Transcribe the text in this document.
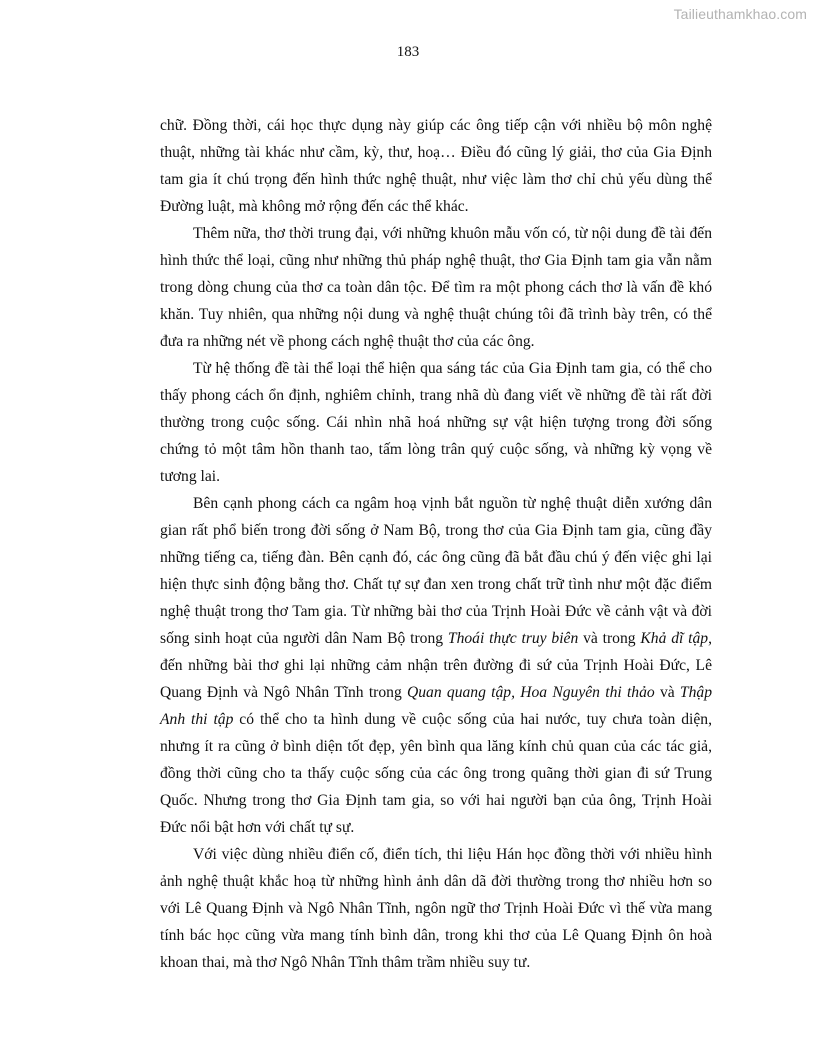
Tailieuthamkhao.com
183

chữ. Đồng thời, cái học thực dụng này giúp các ông tiếp cận với nhiều bộ môn nghệ thuật, những tài khác như cầm, kỳ, thư, hoạ… Điều đó cũng lý giải, thơ của Gia Định tam gia ít chú trọng đến hình thức nghệ thuật, như việc làm thơ chỉ chủ yếu dùng thể Đường luật, mà không mở rộng đến các thể khác.

Thêm nữa, thơ thời trung đại, với những khuôn mẫu vốn có, từ nội dung đề tài đến hình thức thể loại, cũng như những thủ pháp nghệ thuật, thơ Gia Định tam gia vẫn nằm trong dòng chung của thơ ca toàn dân tộc. Để tìm ra một phong cách thơ là vấn đề khó khăn. Tuy nhiên, qua những nội dung và nghệ thuật chúng tôi đã trình bày trên, có thể đưa ra những nét về phong cách nghệ thuật thơ của các ông.

Từ hệ thống đề tài thể loại thể hiện qua sáng tác của Gia Định tam gia, có thể cho thấy phong cách ổn định, nghiêm chỉnh, trang nhã dù đang viết về những đề tài rất đời thường trong cuộc sống. Cái nhìn nhã hoá những sự vật hiện tượng trong đời sống chứng tỏ một tâm hồn thanh tao, tấm lòng trân quý cuộc sống, và những kỳ vọng về tương lai.

Bên cạnh phong cách ca ngâm hoạ vịnh bắt nguồn từ nghệ thuật diễn xướng dân gian rất phổ biến trong đời sống ở Nam Bộ, trong thơ của Gia Định tam gia, cũng đầy những tiếng ca, tiếng đàn. Bên cạnh đó, các ông cũng đã bắt đầu chú ý đến việc ghi lại hiện thực sinh động bằng thơ. Chất tự sự đan xen trong chất trữ tình như một đặc điểm nghệ thuật trong thơ Tam gia. Từ những bài thơ của Trịnh Hoài Đức về cảnh vật và đời sống sinh hoạt của người dân Nam Bộ trong Thoái thực truy biên và trong Khả dĩ tập, đến những bài thơ ghi lại những cảm nhận trên đường đi sứ của Trịnh Hoài Đức, Lê Quang Định và Ngô Nhân Tĩnh trong Quan quang tập, Hoa Nguyên thi thảo và Thập Anh thi tập có thể cho ta hình dung về cuộc sống của hai nước, tuy chưa toàn diện, nhưng ít ra cũng ở bình diện tốt đẹp, yên bình qua lăng kính chủ quan của các tác giả, đồng thời cũng cho ta thấy cuộc sống của các ông trong quãng thời gian đi sứ Trung Quốc. Nhưng trong thơ Gia Định tam gia, so với hai người bạn của ông, Trịnh Hoài Đức nổi bật hơn với chất tự sự.

Với việc dùng nhiều điển cố, điển tích, thi liệu Hán học đồng thời với nhiều hình ảnh nghệ thuật khắc hoạ từ những hình ảnh dân dã đời thường trong thơ nhiều hơn so với Lê Quang Định và Ngô Nhân Tĩnh, ngôn ngữ thơ Trịnh Hoài Đức vì thế vừa mang tính bác học cũng vừa mang tính bình dân, trong khi thơ của Lê Quang Định ôn hoà khoan thai, mà thơ Ngô Nhân Tĩnh thâm trầm nhiều suy tư.
